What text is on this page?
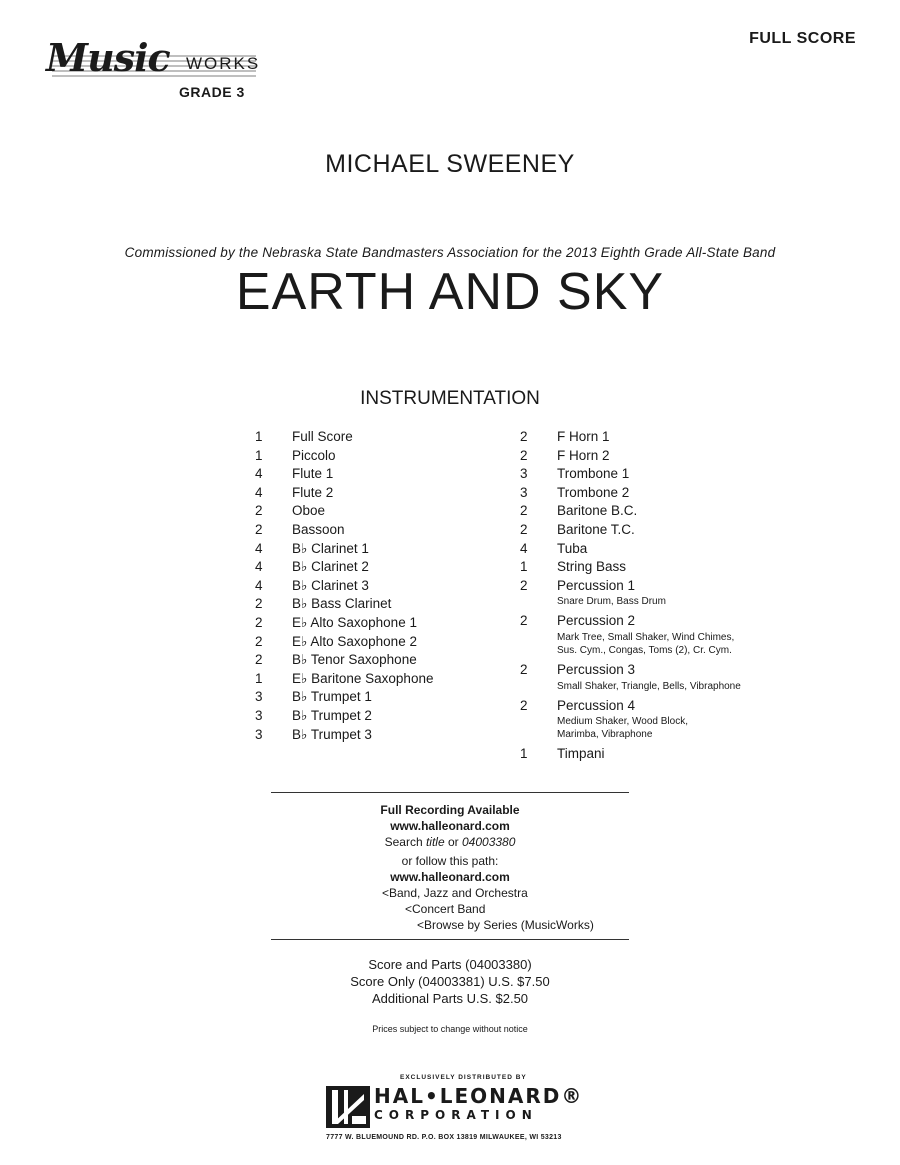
Music WORKS
GRADE 3
FULL SCORE
MICHAEL SWEENEY
Commissioned by the Nebraska State Bandmasters Association for the 2013 Eighth Grade All-State Band
EARTH AND SKY
INSTRUMENTATION
1	Full Score
1	Piccolo
4	Flute 1
4	Flute 2
2	Oboe
2	Bassoon
4	B♭ Clarinet 1
4	B♭ Clarinet 2
4	B♭ Clarinet 3
2	B♭ Bass Clarinet
2	E♭ Alto Saxophone 1
2	E♭ Alto Saxophone 2
2	B♭ Tenor Saxophone
1	E♭ Baritone Saxophone
3	B♭ Trumpet 1
3	B♭ Trumpet 2
3	B♭ Trumpet 3
2	F Horn 1
2	F Horn 2
3	Trombone 1
3	Trombone 2
2	Baritone B.C.
2	Baritone T.C.
4	Tuba
1	String Bass
2	Percussion 1
Snare Drum, Bass Drum
2	Percussion 2
Mark Tree, Small Shaker, Wind Chimes,
Sus. Cym., Congas, Toms (2), Cr. Cym.
2	Percussion 3
Small Shaker, Triangle, Bells, Vibraphone
2	Percussion 4
Medium Shaker, Wood Block,
Marimba, Vibraphone
1	Timpani
Full Recording Available
www.halleonard.com
Search title or 04003380
or follow this path:
www.halleonard.com
<Band, Jazz and Orchestra
<Concert Band
<Browse by Series (MusicWorks)
Score and Parts (04003380)
Score Only (04003381) U.S. $7.50
Additional Parts U.S. $2.50
Prices subject to change without notice
EXCLUSIVELY DISTRIBUTED BY
HAL•LEONARD®
CORPORATION
7777 W. BLUEMOUND RD. P.O. BOX 13819 MILWAUKEE, WI 53213
